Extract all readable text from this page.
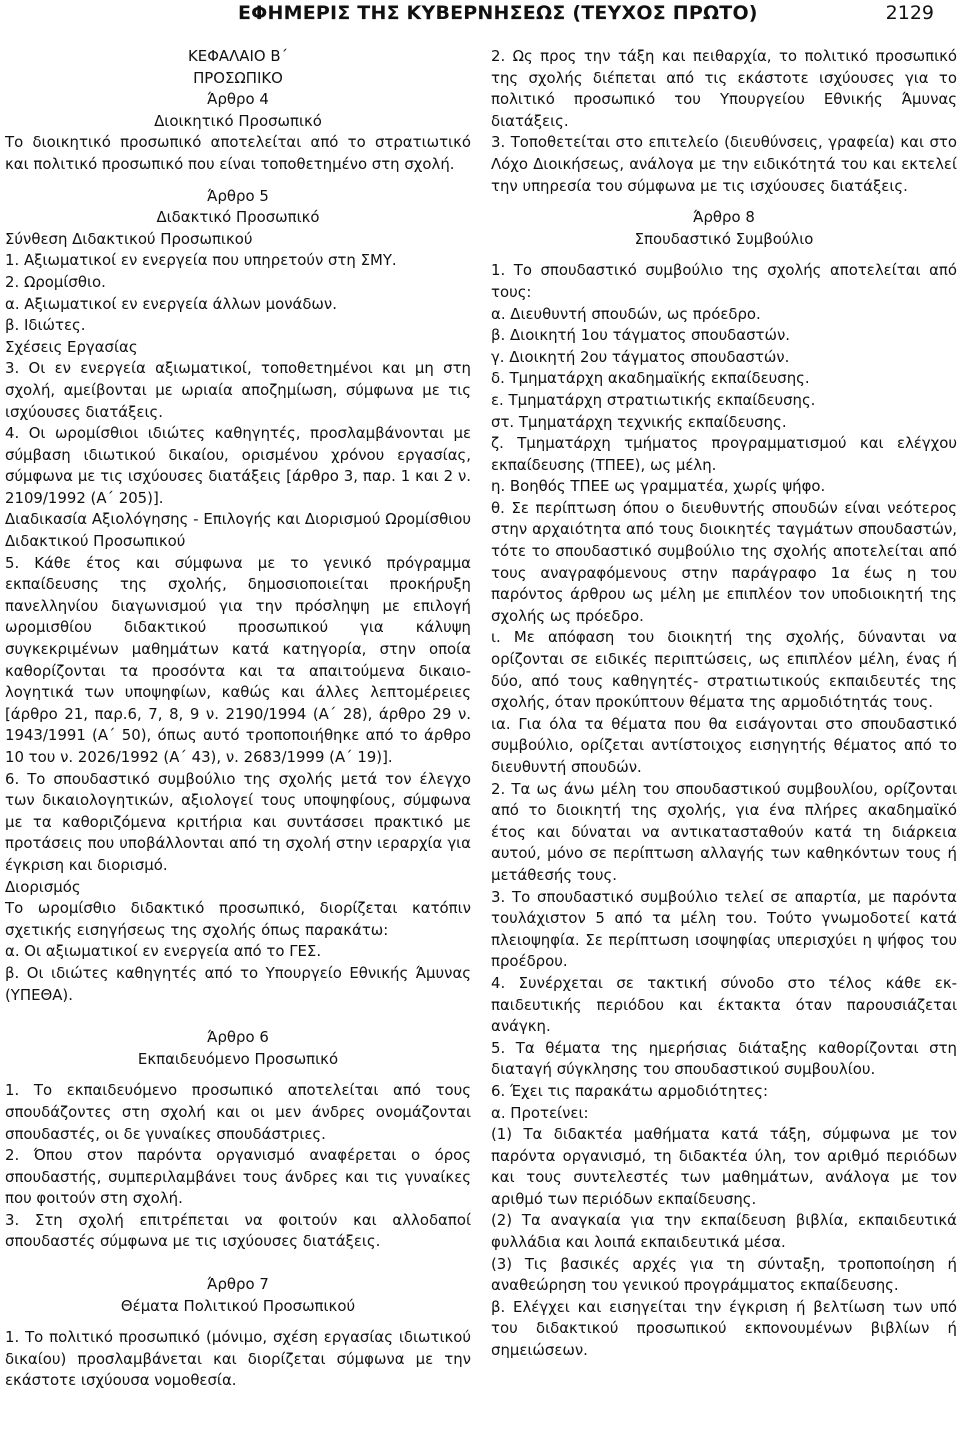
ΕΦΗΜΕΡΙΣ ΤΗΣ ΚΥΒΕΡΝΗΣΕΩΣ (ΤΕΥΧΟΣ ΠΡΩΤΟ)	2129

ΚΕΦΑΛΑΙΟ Β΄

ΠΡΟΣΩΠΙΚΟ

Άρθρο 4

Διοικητικό Προσωπικό

Το διοικητικό προσωπικό αποτελείται από το στρατιωτικό και πολιτικό προσωπικό που είναι τοποθετημένο στη σχολή.

Άρθρο 5

Διδακτικό Προσωπικό

Σύνθεση Διδακτικού Προσωπικού

1. Αξιωματικοί εν ενεργεία που υπηρετούν στη ΣΜΥ.

2. Ωρομίσθιο.

α. Αξιωματικοί εν ενεργεία άλλων μονάδων.

β. Ιδιώτες.

Σχέσεις Εργασίας

3. Οι εν ενεργεία αξιωματικοί, τοποθετημένοι και μη στη σχολή, αμείβονται με ωριαία αποζημίωση, σύμφωνα με τις ισχύουσες διατάξεις.

4. Οι ωρομίσθιοι ιδιώτες καθηγητές, προσλαμβάνονται με σύμβαση ιδιωτικού δικαίου, ορισμένου χρόνου εργασίας, σύμφωνα με τις ισχύουσες διατάξεις [άρθρο 3, παρ. 1 και 2 ν. 2109/1992 (Α΄ 205)].

Διαδικασία Αξιολόγησης - Επιλογής και Διορισμού Ωρομίσθιου Διδακτικού Προσωπικού

5. Κάθε έτος και σύμφωνα με το γενικό πρόγραμμα εκπαίδευσης της σχολής, δημοσιοποιείται προκήρυξη πανελληνίου διαγωνισμού για την πρόσληψη με επιλογή ωρομισθίου διδακτικού προσωπικού για κάλυψη συγκεκριμένων μαθημάτων κατά κατηγορία, στην οποία καθορίζονται τα προσόντα και τα απαιτούμενα δικαιολογητικά των υποψηφίων, καθώς και άλλες λεπτομέρειες [άρθρο 21, παρ.6, 7, 8, 9 ν. 2190/1994 (Α΄ 28), άρθρο 29 ν. 1943/1991 (Α΄ 50), όπως αυτό τροποποιήθηκε από το άρθρο 10 του ν. 2026/1992 (Α΄ 43), ν. 2683/1999 (Α΄ 19)].

6. Το σπουδαστικό συμβούλιο της σχολής μετά τον έλεγχο των δικαιολογητικών, αξιολογεί τους υποψηφίους, σύμφωνα με τα καθοριζόμενα κριτήρια και συντάσσει πρακτικό με προτάσεις που υποβάλλονται από τη σχολή στην ιεραρχία για έγκριση και διορισμό.

Διορισμός

Το ωρομίσθιο διδακτικό προσωπικό, διορίζεται κατόπιν σχετικής εισηγήσεως της σχολής όπως παρακάτω:

α. Οι αξιωματικοί εν ενεργεία από το ΓΕΣ.

β. Οι ιδιώτες καθηγητές από το Υπουργείο Εθνικής Άμυνας (ΥΠΕΘΑ).

Άρθρο 6

Εκπαιδευόμενο Προσωπικό

1. Το εκπαιδευόμενο προσωπικό αποτελείται από τους σπουδάζοντες στη σχολή και οι μεν άνδρες ονομάζονται σπουδαστές, οι δε γυναίκες σπουδάστριες.

2. Όπου στον παρόντα οργανισμό αναφέρεται ο όρος σπουδαστής, συμπεριλαμβάνει τους άνδρες και τις γυναίκες που φοιτούν στη σχολή.

3. Στη σχολή επιτρέπεται να φοιτούν και αλλοδαποί σπουδαστές σύμφωνα με τις ισχύουσες διατάξεις.

Άρθρο 7

Θέματα Πολιτικού Προσωπικού

1. Το πολιτικό προσωπικό (μόνιμο, σχέση εργασίας ιδιωτικού δικαίου) προσλαμβάνεται και διορίζεται σύμφωνα με την εκάστοτε ισχύουσα νομοθεσία.

2. Ως προς την τάξη και πειθαρχία, το πολιτικό προσωπικό της σχολής διέπεται από τις εκάστοτε ισχύουσες για το πολιτικό προσωπικό του Υπουργείου Εθνικής Άμυνας διατάξεις.

3. Τοποθετείται στο επιτελείο (διευθύνσεις, γραφεία) και στο Λόχο Διοικήσεως, ανάλογα με την ειδικότητά του και εκτελεί την υπηρεσία του σύμφωνα με τις ισχύουσες διατάξεις.

Άρθρο 8

Σπουδαστικό Συμβούλιο

1. Το σπουδαστικό συμβούλιο της σχολής αποτελείται από τους:

α. Διευθυντή σπουδών, ως πρόεδρο.

β. Διοικητή 1ου τάγματος σπουδαστών.

γ. Διοικητή 2ου τάγματος σπουδαστών.

δ. Τμηματάρχη ακαδημαϊκής εκπαίδευσης.

ε. Τμηματάρχη στρατιωτικής εκπαίδευσης.

στ. Τμηματάρχη τεχνικής εκπαίδευσης.

ζ. Τμηματάρχη τμήματος προγραμματισμού και ελέγχου εκπαίδευσης (ΤΠΕΕ), ως μέλη.

η. Βοηθός ΤΠΕΕ ως γραμματέα, χωρίς ψήφο.

θ. Σε περίπτωση όπου ο διευθυντής σπουδών είναι νεότερος στην αρχαιότητα από τους διοικητές ταγμάτων σπουδαστών, τότε το σπουδαστικό συμβούλιο της σχολής αποτελείται από τους αναγραφόμενους στην παράγραφο 1α έως η του παρόντος άρθρου ως μέλη με επιπλέον τον υποδιοικητή της σχολής ως πρόεδρο.

ι. Με απόφαση του διοικητή της σχολής, δύνανται να ορίζονται σε ειδικές περιπτώσεις, ως επιπλέον μέλη, ένας ή δύο, από τους καθηγητές- στρατιωτικούς εκπαιδευτές της σχολής, όταν προκύπτουν θέματα της αρμοδιότητάς τους.

ια. Για όλα τα θέματα που θα εισάγονται στο σπουδαστικό συμβούλιο, ορίζεται αντίστοιχος εισηγητής θέματος από το διευθυντή σπουδών.

2. Τα ως άνω μέλη του σπουδαστικού συμβουλίου, ορίζονται από το διοικητή της σχολής, για ένα πλήρες ακαδημαϊκό έτος και δύναται να αντικατασταθούν κατά τη διάρκεια αυτού, μόνο σε περίπτωση αλλαγής των καθηκόντων τους ή μετάθεσής τους.

3. Το σπουδαστικό συμβούλιο τελεί σε απαρτία, με παρόντα τουλάχιστον 5 από τα μέλη του. Τούτο γνωμοδοτεί κατά πλειοψηφία. Σε περίπτωση ισοψηφίας υπερισχύει η ψήφος του προέδρου.

4. Συνέρχεται σε τακτική σύνοδο στο τέλος κάθε εκπαιδευτικής περιόδου και έκτακτα όταν παρουσιάζεται ανάγκη.

5. Τα θέματα της ημερήσιας διάταξης καθορίζονται στη διαταγή σύγκλησης του σπουδαστικού συμβουλίου.

6. Έχει τις παρακάτω αρμοδιότητες:

α. Προτείνει:

(1) Τα διδακτέα μαθήματα κατά τάξη, σύμφωνα με τον παρόντα οργανισμό, τη διδακτέα ύλη, τον αριθμό περιόδων και τους συντελεστές των μαθημάτων, ανάλογα με τον αριθμό των περιόδων εκπαίδευσης.

(2) Τα αναγκαία για την εκπαίδευση βιβλία, εκπαιδευτικά φυλλάδια και λοιπά εκπαιδευτικά μέσα.

(3) Τις βασικές αρχές για τη σύνταξη, τροποποίηση ή αναθεώρηση του γενικού προγράμματος εκπαίδευσης.

β. Ελέγχει και εισηγείται την έγκριση ή βελτίωση των υπό του διδακτικού προσωπικού εκπονουμένων βιβλίων ή σημειώσεων.
